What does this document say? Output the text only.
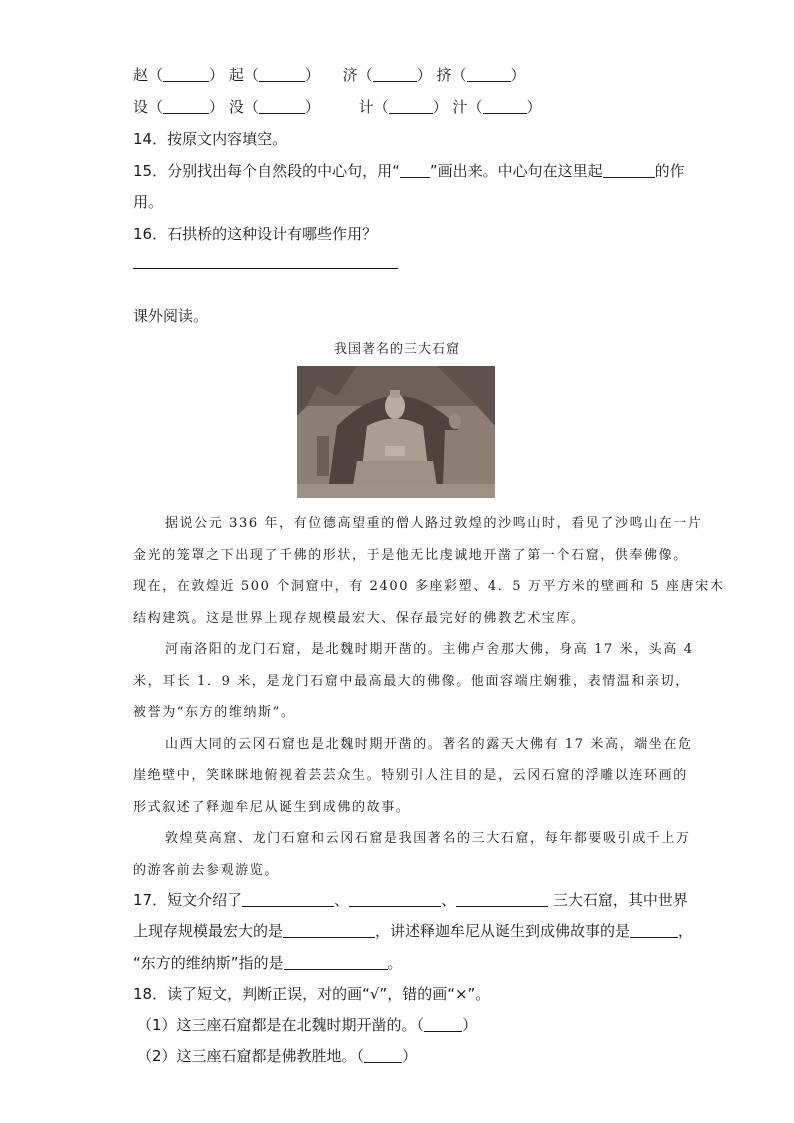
赵（	） 起（	） 济（	） 挤（	）
设（	） 没（	）	计（	） 汁（	）
14．按原文内容填空。
15．分别找出每个自然段的中心句，用“ ”画出来。中心句在这里起	的作
用。
16．石拱桥的这种设计有哪些作用？
课外阅读。
我国著名的三大石窟
据说公元 336 年，有位德高望重的僧人路过敦煌的沙鸣山时，看见了沙鸣山在一片
金光的笼罩之下出现了千佛的形状，于是他无比虔诚地开凿了第一个石窟，供奉佛像。
现在，在敦煌近 500 个洞窟中，有 2400 多座彩塑、4．5 万平方米的壁画和 5 座唐宋木
结构建筑。这是世界上现存规模最宏大、保存最完好的佛教艺术宝库。
河南洛阳的龙门石窟，是北魏时期开凿的。主佛卢舍那大佛，身高 17 米，头高 4
米，耳长 1．9 米，是龙门石窟中最高最大的佛像。他面容端庄娴雅，表情温和亲切，
被誉为“东方的维纳斯”。
山西大同的云冈石窟也是北魏时期开凿的。著名的露天大佛有 17 米高，端坐在危
崖绝壁中，笑眯眯地俯视着芸芸众生。特别引人注目的是，云冈石窟的浮雕以连环画的
形式叙述了释迦牟尼从诞生到成佛的故事。
敦煌莫高窟、龙门石窟和云冈石窟是我国著名的三大石窟，每年都要吸引成千上万
的游客前去参观游览。
17．短文介绍了	、	、	三大石窟，其中世界
上现存规模最宏大的是	，讲述释迦牟尼从诞生到成佛故事的是	，
“东方的维纳斯”指的是	。
18．读了短文，判断正误，对的画“√”，错的画“×”。
（1）这三座石窟都是在北魏时期开凿的。（	）
（2）这三座石窟都是佛教胜地。（	）
